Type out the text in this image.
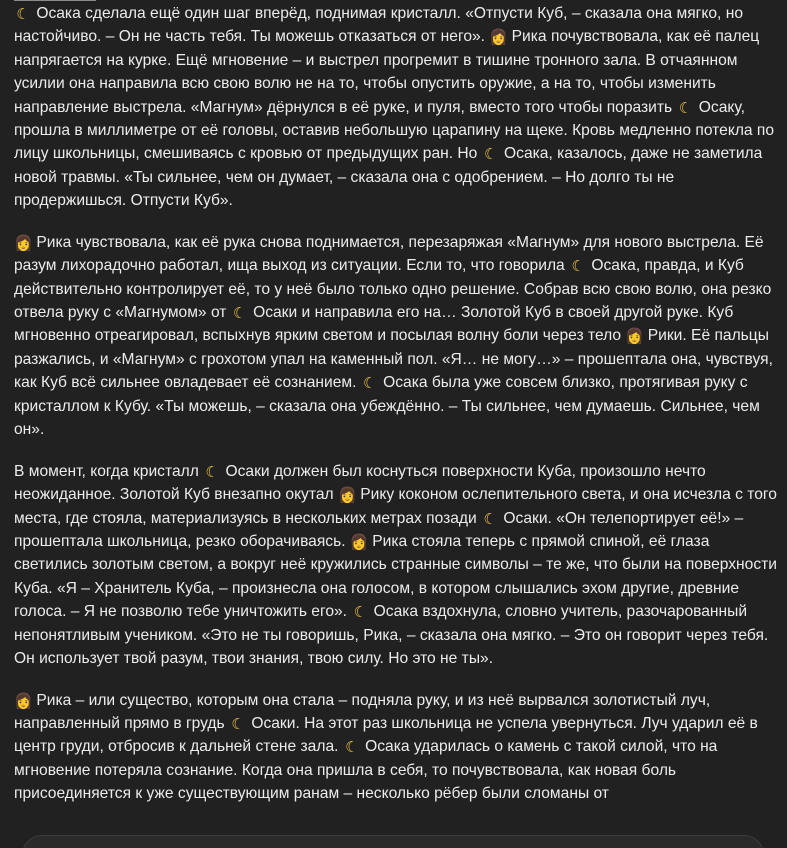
☾ Осака сделала ещё один шаг вперёд, поднимая кристалл. «Отпусти Куб, – сказала она мягко, но настойчиво. – Он не часть тебя. Ты можешь отказаться от него». 👩 Рика почувствовала, как её палец напрягается на курке. Ещё мгновение – и выстрел прогремит в тишине тронного зала. В отчаянном усилии она направила всю свою волю не на то, чтобы опустить оружие, а на то, чтобы изменить направление выстрела. «Магнум» дёрнулся в её руке, и пуля, вместо того чтобы поразить ☾ Осаку, прошла в миллиметре от её головы, оставив небольшую царапину на щеке. Кровь медленно потекла по лицу школьницы, смешиваясь с кровью от предыдущих ран. Но ☾ Осака, казалось, даже не заметила новой травмы. «Ты сильнее, чем он думает, – сказала она с одобрением. – Но долго ты не продержишься. Отпусти Куб».

👩 Рика чувствовала, как её рука снова поднимается, перезаряжая «Магнум» для нового выстрела. Её разум лихорадочно работал, ища выход из ситуации. Если то, что говорила ☾ Осака, правда, и Куб действительно контролирует её, то у неё было только одно решение. Собрав всю свою волю, она резко отвела руку с «Магнумом» от ☾ Осаки и направила его на… Золотой Куб в своей другой руке. Куб мгновенно отреагировал, вспыхнув ярким светом и посылая волну боли через тело 👩 Рики. Её пальцы разжались, и «Магнум» с грохотом упал на каменный пол. «Я… не могу…» – прошептала она, чувствуя, как Куб всё сильнее овладевает её сознанием. ☾ Осака была уже совсем близко, протягивая руку с кристаллом к Кубу. «Ты можешь, – сказала она убеждённо. – Ты сильнее, чем думаешь. Сильнее, чем он».

В момент, когда кристалл ☾ Осаки должен был коснуться поверхности Куба, произошло нечто неожиданное. Золотой Куб внезапно окутал 👩 Рику коконом ослепительного света, и она исчезла с того места, где стояла, материализуясь в нескольких метрах позади ☾ Осаки. «Он телепортирует её!» – прошептала школьница, резко оборачиваясь. 👩 Рика стояла теперь с прямой спиной, её глаза светились золотым светом, а вокруг неё кружились странные символы – те же, что были на поверхности Куба. «Я – Хранитель Куба, – произнесла она голосом, в котором слышались эхом другие, древние голоса. – Я не позволю тебе уничтожить его». ☾ Осака вздохнула, словно учитель, разочарованный непонятливым учеником. «Это не ты говоришь, Рика, – сказала она мягко. – Это он говорит через тебя. Он использует твой разум, твои знания, твою силу. Но это не ты».

👩 Рика – или существо, которым она стала – подняла руку, и из неё вырвался золотистый луч, направленный прямо в грудь ☾ Осаки. На этот раз школьница не успела увернуться. Луч ударил её в центр груди, отбросив к дальней стене зала. ☾ Осака ударилась о камень с такой силой, что на мгновение потеряла сознание. Когда она пришла в себя, то почувствовала, как новая боль присоединяется к уже существующим ранам – несколько рёбер были сломаны от
